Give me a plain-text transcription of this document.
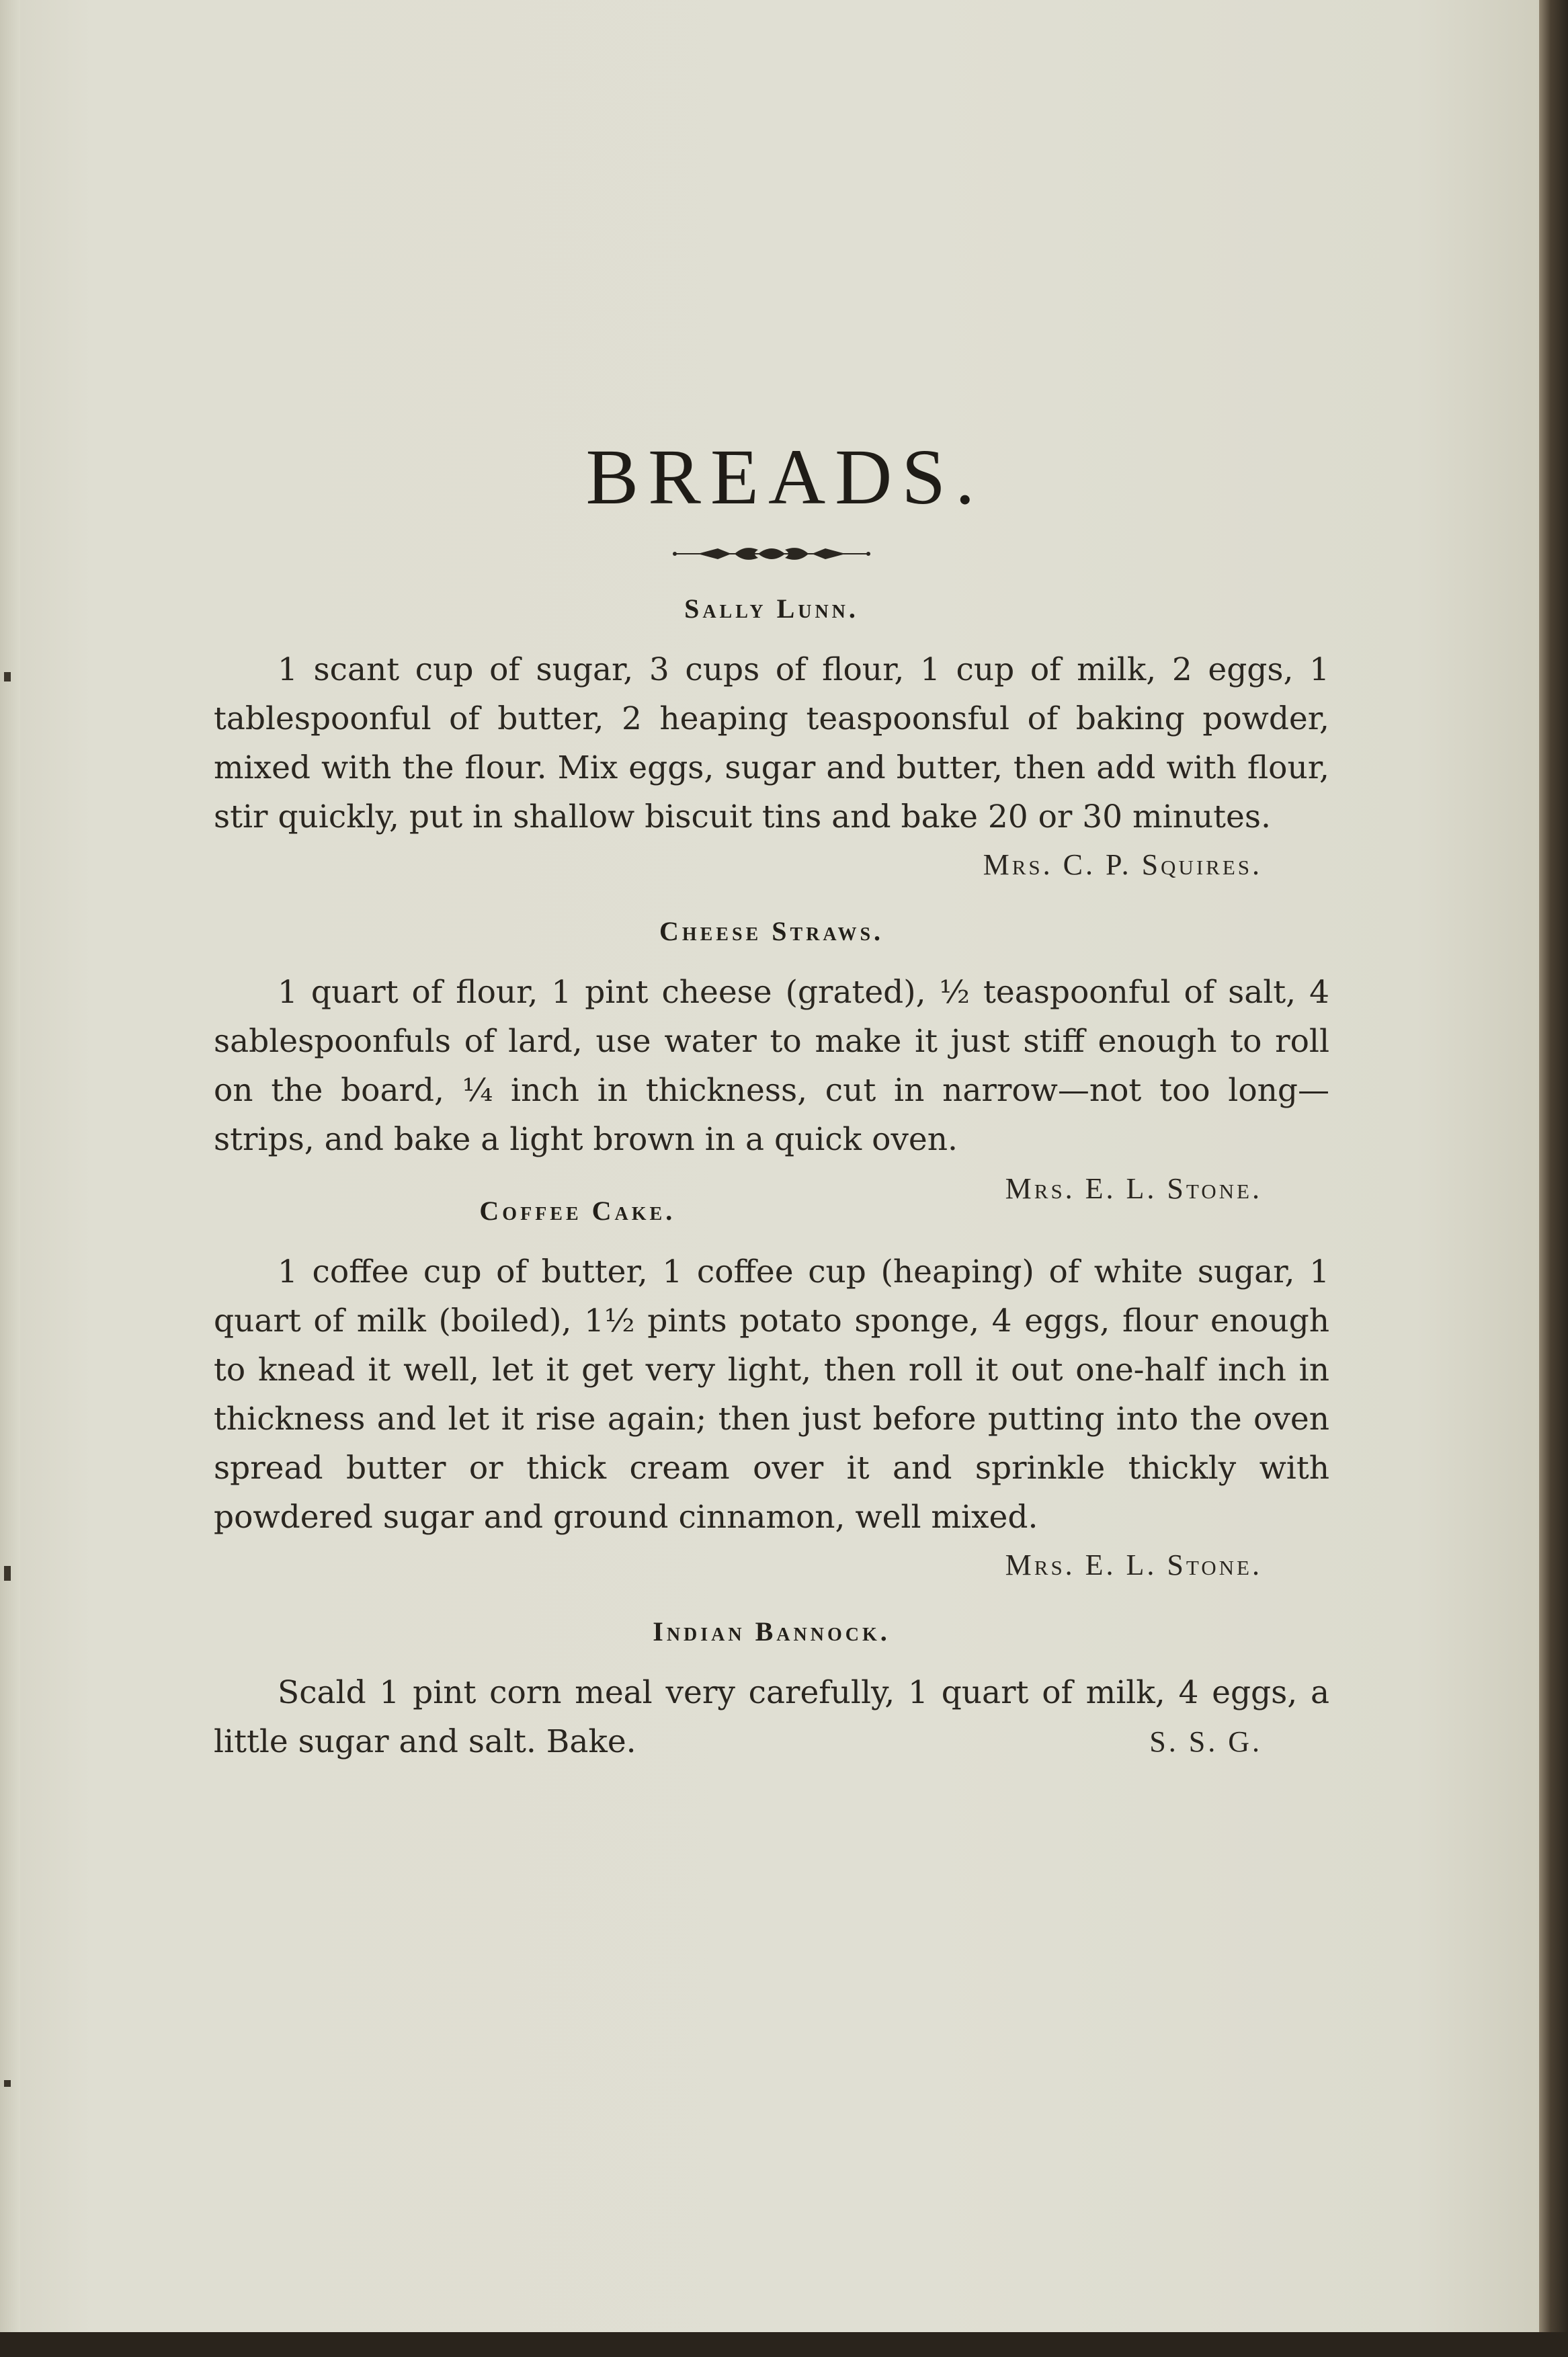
BREADS.
Sally Lunn.

1 scant cup of sugar, 3 cups of flour, 1 cup of milk, 2 eggs, 1 tablespoonful of butter, 2 heaping teaspoonsful of baking powder, mixed with the flour. Mix eggs, sugar and butter, then add with flour, stir quickly, put in shallow biscuit tins and bake 20 or 30 minutes.

Mrs. C. P. Squires.

Cheese Straws.

1 quart of flour, 1 pint cheese (grated), ½ teaspoonful of salt, 4 sablespoonfuls of lard, use water to make it just stiff enough to roll on the board, ¼ inch in thickness, cut in narrow—not too long—strips, and bake a light brown in a quick oven.
Mrs. E. L. Stone.

Coffee Cake.

1 coffee cup of butter, 1 coffee cup (heaping) of white sugar, 1 quart of milk (boiled), 1½ pints potato sponge, 4 eggs, flour enough to knead it well, let it get very light, then roll it out one-half inch in thickness and let it rise again; then just before putting into the oven spread butter or thick cream over it and sprinkle thickly with powdered sugar and ground cinnamon, well mixed.

Mrs. E. L. Stone.

Indian Bannock.

Scald 1 pint corn meal very carefully, 1 quart of milk, 4 eggs, a little sugar and salt. Bake.	S. S. G.
